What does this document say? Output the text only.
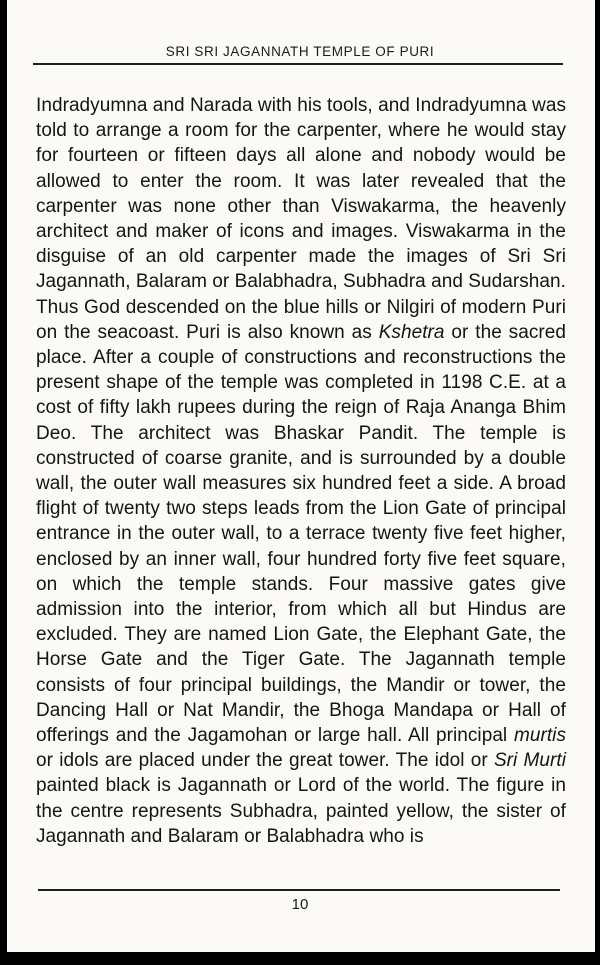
SRI SRI JAGANNATH TEMPLE OF PURI

Indradyumna and Narada with his tools, and Indradyumna was told to arrange a room for the carpenter, where he would stay for fourteen or fifteen days all alone and nobody would be allowed to enter the room. It was later revealed that the carpenter was none other than Viswakarma, the heavenly architect and maker of icons and images. Viswakarma in the disguise of an old carpenter made the images of Sri Sri Jagannath, Balaram or Balabhadra, Subhadra and Sudarshan. Thus God descended on the blue hills or Nilgiri of modern Puri on the seacoast. Puri is also known as Kshetra or the sacred place. After a couple of constructions and reconstructions the present shape of the temple was completed in 1198 C.E. at a cost of fifty lakh rupees during the reign of Raja Ananga Bhim Deo. The architect was Bhaskar Pandit. The temple is constructed of coarse granite, and is surrounded by a double wall, the outer wall measures six hundred feet a side. A broad flight of twenty two steps leads from the Lion Gate of principal entrance in the outer wall, to a terrace twenty five feet higher, enclosed by an inner wall, four hundred forty five feet square, on which the temple stands. Four massive gates give admission into the interior, from which all but Hindus are excluded. They are named Lion Gate, the Elephant Gate, the Horse Gate and the Tiger Gate. The Jagannath temple consists of four principal buildings, the Mandir or tower, the Dancing Hall or Nat Mandir, the Bhoga Mandapa or Hall of offerings and the Jagamohan or large hall. All principal murtis or idols are placed under the great tower. The idol or Sri Murti painted black is Jagannath or Lord of the world. The figure in the centre represents Subhadra, painted yellow, the sister of Jagannath and Balaram or Balabhadra who is

10
